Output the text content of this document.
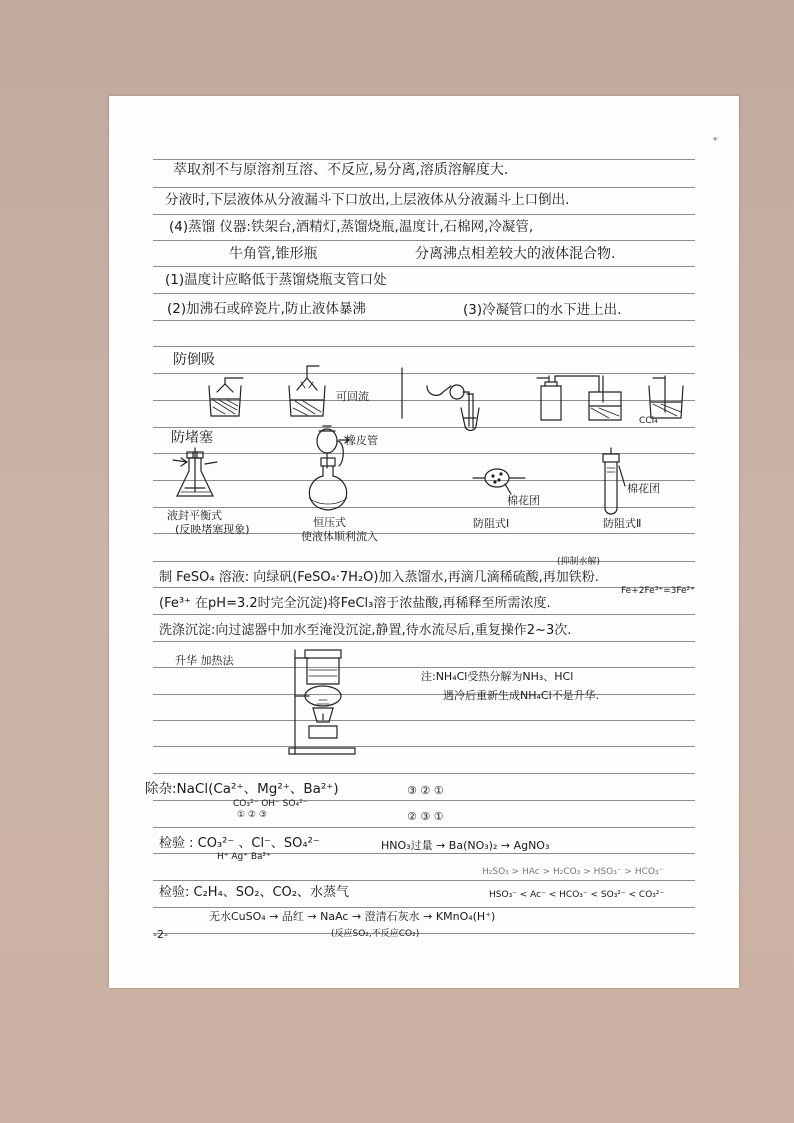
⁺
萃取剂不与原溶剂互溶、不反应,易分离,溶质溶解度大.
分液时,下层液体从分液漏斗下口放出,上层液体从分液漏斗上口倒出.
(4)蒸馏 仪器:铁架台,酒精灯,蒸馏烧瓶,温度计,石棉网,冷凝管,
牛角管,锥形瓶	分离沸点相差较大的液体混合物.
(1)温度计应略低于蒸馏烧瓶支管口处
(2)加沸石或碎瓷片,防止液体暴沸	(3)冷凝管口的水下进上出.
防倒吸
可回流
CCl₄
防堵塞	橡皮管
棉花团
棉花团
液封平衡式
(反映堵塞现象)
恒压式
使液体顺利流入
防阻式Ⅰ	防阻式Ⅱ
(抑制水解)
制 FeSO₄ 溶液: 向绿矾(FeSO₄·7H₂O)加入蒸馏水,再滴几滴稀硫酸,再加铁粉.
(Fe³⁺ 在pH=3.2时完全沉淀)将FeCl₃溶于浓盐酸,再稀释至所需浓度.
Fe+2Fe³⁺=3Fe²⁺
洗涤沉淀:向过滤器中加水至淹没沉淀,静置,待水流尽后,重复操作2~3次.
升华 加热法
注:NH₄Cl受热分解为NH₃、HCl
遇冷后重新生成NH₄Cl不是升华.
除杂:NaCl(Ca²⁺、Mg²⁺、Ba²⁺)
CO₃²⁻ OH⁻ SO₄²⁻
① ② ③
③ ② ①
② ③ ①
检验 : CO₃²⁻ 、Cl⁻、SO₄²⁻
H⁺ Ag⁺ Ba²⁺
HNO₃过量 → Ba(NO₃)₂ → AgNO₃
H₂SO₃ > HAc > H₂CO₃ > HSO₃⁻ > HCO₃⁻
HSO₃⁻ < Ac⁻ < HCO₃⁻ < SO₃²⁻ < CO₃²⁻
检验: C₂H₄、SO₂、CO₂、水蒸气
无水CuSO₄ → 品红 → NaAc → 澄清石灰水 → KMnO₄(H⁺)
(反应SO₂,不反应CO₂)
-2-
